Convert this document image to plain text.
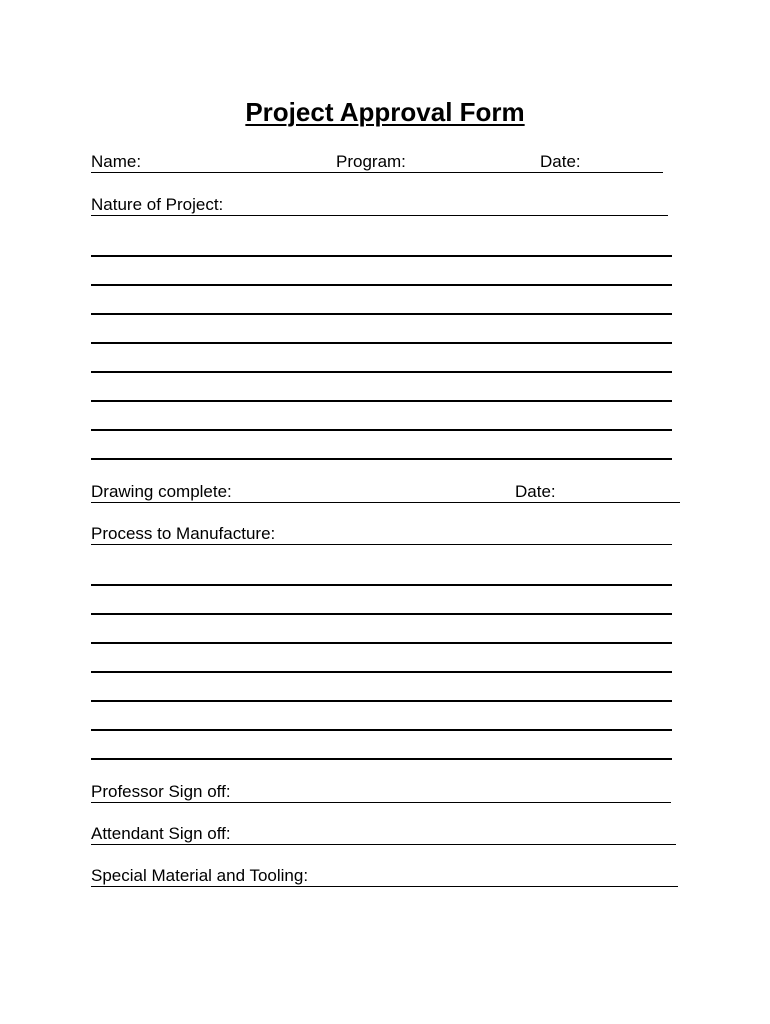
Project Approval Form
Name:	Program:	Date:
Nature of Project:
Drawing complete:	Date:
Process to Manufacture:
Professor Sign off:
Attendant Sign off:
Special Material and Tooling:
